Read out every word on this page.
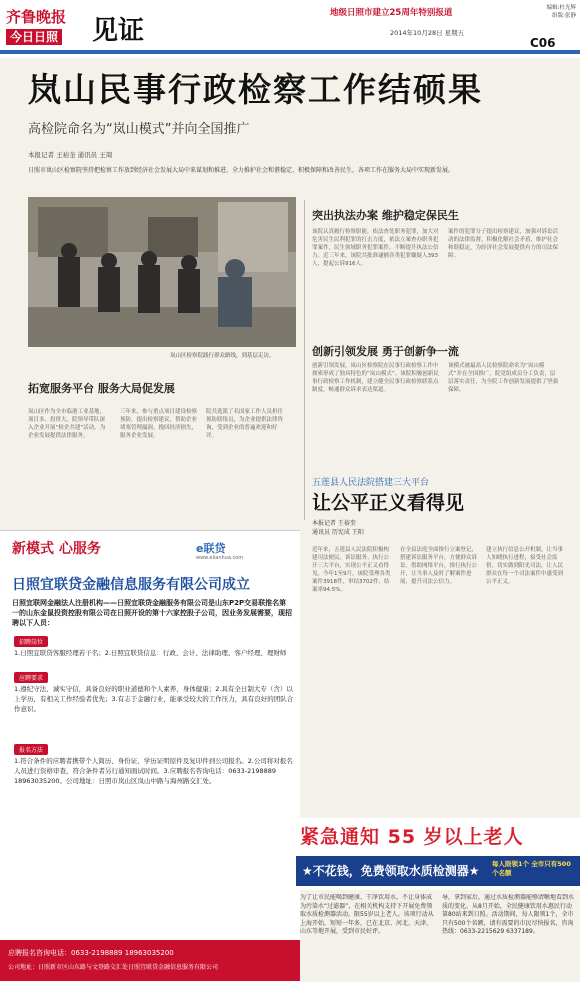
齐鲁晚报
今日日照	见证
地级日照市建立25周年特别报道
2014年10月28日 星期五
编辑:杜光辉
组版:张静
C06
岚山民事行政检察工作结硕果
高检院命名为“岚山模式”并向全国推广
本报记者 王裕奎 通讯员 王周
日照市岚山区检察院坚持把检察工作放到经济社会发展大局中来谋划和推进，全力推护社会和谐稳定、积极保障和改善民生，各项工作在服务大局中实现新发展。
岚山区检察院践行群众路线，到基层走访。
突出执法办案 维护稳定保民生
该院认真履行检察职能，依法查处职务犯罪，加大对危害民生民利犯罪的打击力度，依法立案查办职务犯罪案件，民生领域职务犯罪案件，不断提升执法公信力。近三年来，该院共批准逮捕各类犯罪嫌疑人393人，提起公诉916人。
案件的犯罪分子提出检察建议，加强对诉讼活动的法律监督。积极化解社会矛盾，维护社会和谐稳定，为经济社会发展提供有力的司法保障。
创新引领发展 勇于创新争一流
创新引领发展，岚山区检察院在民事行政检察工作中探索形成了独具特色的“岚山模式”。该院积极创新民事行政检察工作机制，建立健全民事行政检察联系点制度，畅通群众诉求表达渠道。
该模式被最高人民检察院命名为“岚山模式”并在全国推广。院党组成员分工负责，层层落实责任，为全院工作创新发展提供了坚强保障。
拓宽服务平台 服务大局促发展
岚山区作为全市临港工业基地，项目多、投资大。院领导带队深入企业开展“检企共建”活动，为企业发展提供法律服务。
三年来，参与重点项目建设检察预防，提出检察建议，帮助企业堵塞管理漏洞，挽回经济损失，服务企业发展。
院共选派了名国家工作人员担任预防联络员，为企业提供法律咨询，受到企业的普遍欢迎和好评。
五莲县人民法院搭建三大平台
让公平正义看得见
本报记者 王裕奎
通讯员 历宪成 王阳
近年来，五莲县人民法院积极构建司法便民、诉讼服务、执行公开三大平台，实现公平正义看得见。今年1至9月，该院受理各类案件3918件，审结3702件，结案率94.5%。
在全县法庭全面推行立案登记，搭建诉讼服务平台，方便群众诉讼。借助网络平台，推行执行公开，让当事人及时了解案件进展，提升司法公信力。
建立执行信息公开机制，让当事人知晓执行进程，接受社会监督，切实做到阳光司法，让人民群众在每一个司法案件中感受到公平正义。
新模式 心服务	e联贷
www.elianhua.com
日照宜联贷金融信息服务有限公司成立
日照宜联网金融法人注册机构——日照宜联贷金融服务有限公司是山东P2P交易联推名第一的山东金鼠投资控股有限公司在日照开设的第十六家控股子公司，因业务发展需要，现招聘以下人员：
招聘岗位
1.日照宜联贷客服经理若干名；2.日照宜联贷信息：行政、会计、法律助理、客户经理、理财师
应聘要求
1.遵纪守法、诚实守信，具备良好的职业道德和个人素养，身体健康；2.具有全日制大专（含）以上学历，有相关工作经验者优先；3.有志于金融行业，能承受较大的工作压力，具有良好的团队合作意识。
报名方法
1.符合条件的应聘者携带个人简历、身份证、学历证明原件及复印件到公司报名。2.公司将对报名人员进行资格审查，符合条件者另行通知面试时间。3.应聘报名咨询电话：0633-2198889 18963035200。公司地址：日照市岚山区岚山中路与海州路交汇处。
应聘报名咨询电话：0633-2198889 18963035200
公司地址：日照新市区山东路与文登路交汇处日照宜联贷金融信息服务有限公司
紧急通知 55 岁以上老人
★不花钱，免费领取水质检测器★ 每人限领1个 全市只有500个名额
为了让市民能喝到健康、干净饮用水，不让身体成为污染水“过滤器”，在相关机构支持下开展免费领取水质检测器活动，限55岁以上老人。该项行动从上海开始，短短一年多，已在北京、河北、天津、山东等地开展，受到市民好评。
导，拿到家后，通过水质检测器能够清晰地看到水质的变化。从8月开始，全民健康饮用水惠民行动第80站来到日照。活动期间，每人限领1个，全市只有500个名额，请有需要的市民尽快报名，咨询热线：0633-2215629 6337189。
